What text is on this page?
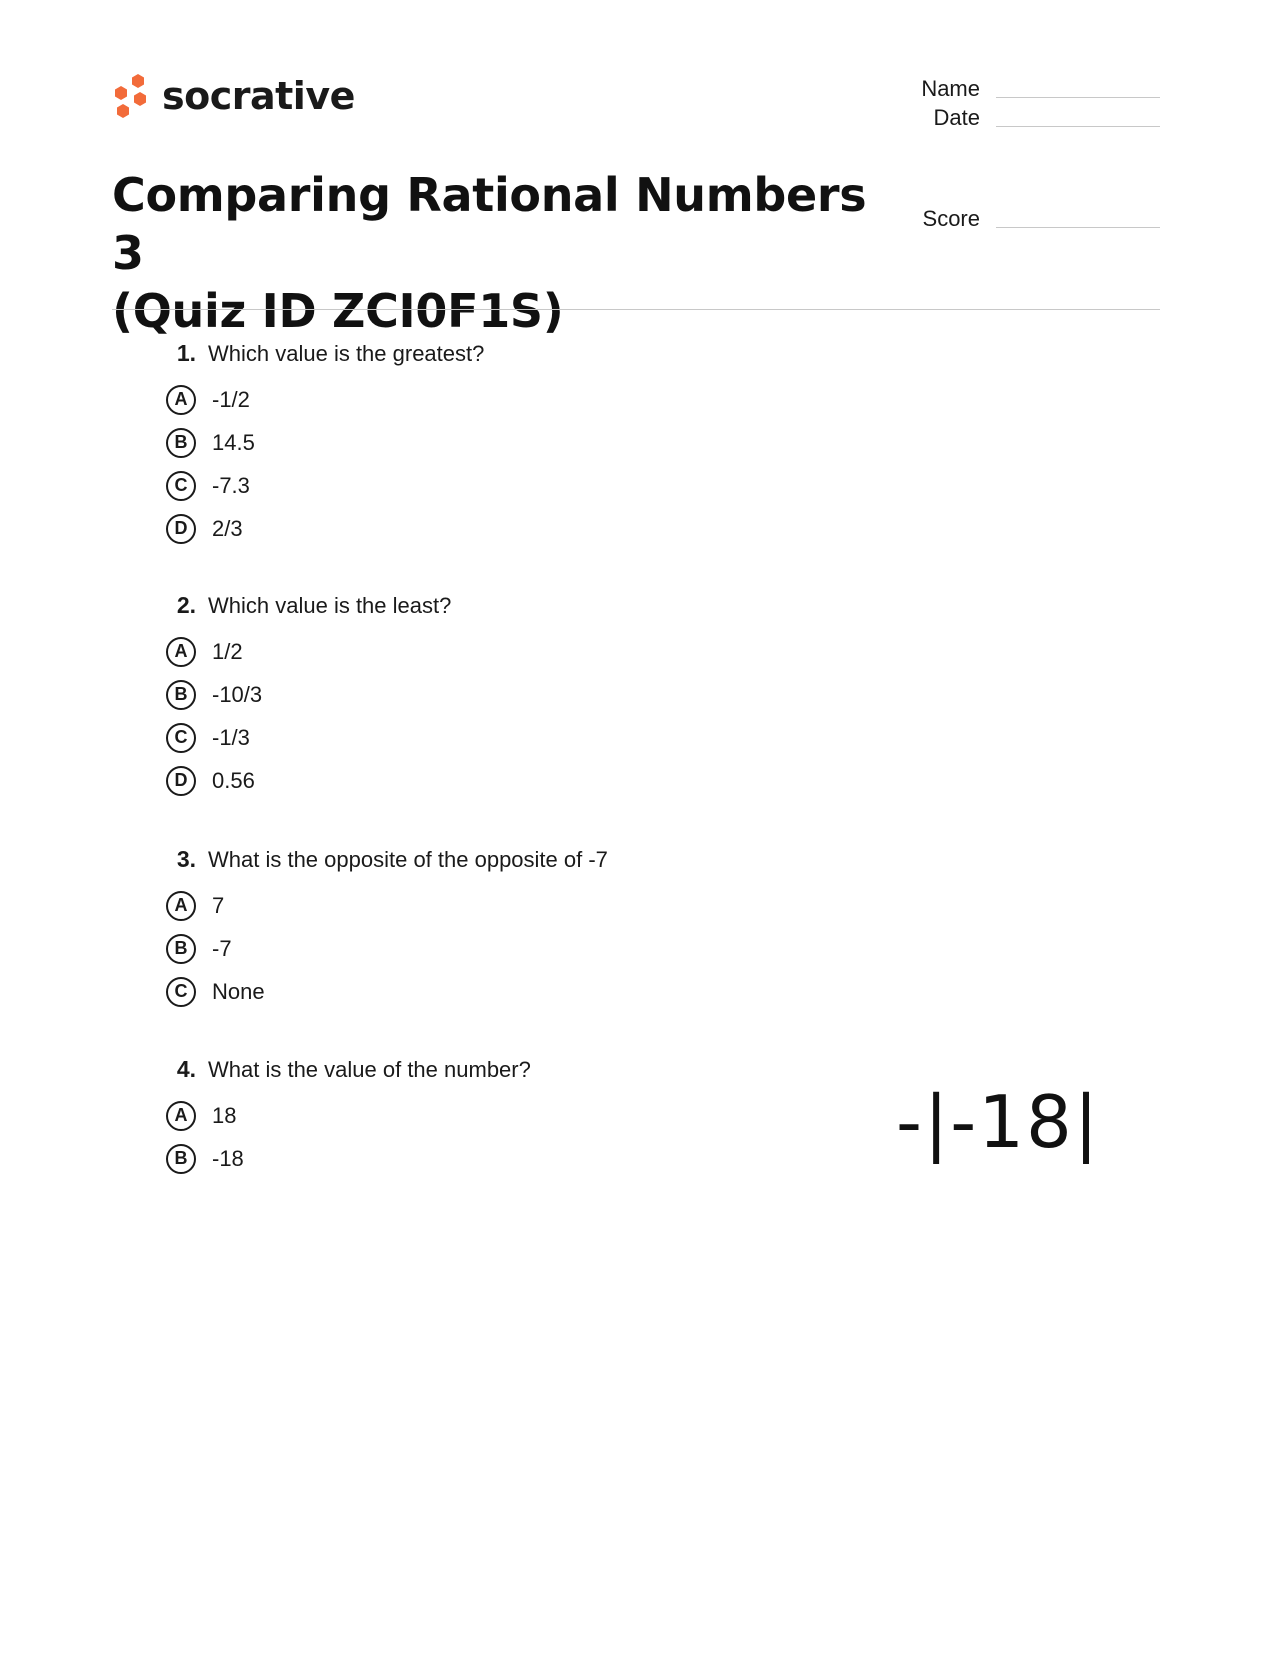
socrative	Name
Date
Score
Comparing Rational Numbers 3
(Quiz ID ZCI0F1S)
1. Which value is the greatest?
A	-1/2
B	14.5
C	-7.3
D	2/3
2. Which value is the least?
A	1/2
B	-10/3
C	-1/3
D	0.56
3. What is the opposite of the opposite of -7
A	7
B	-7
C	None
4. What is the value of the number?
A	18
B	-18	-|-18|
